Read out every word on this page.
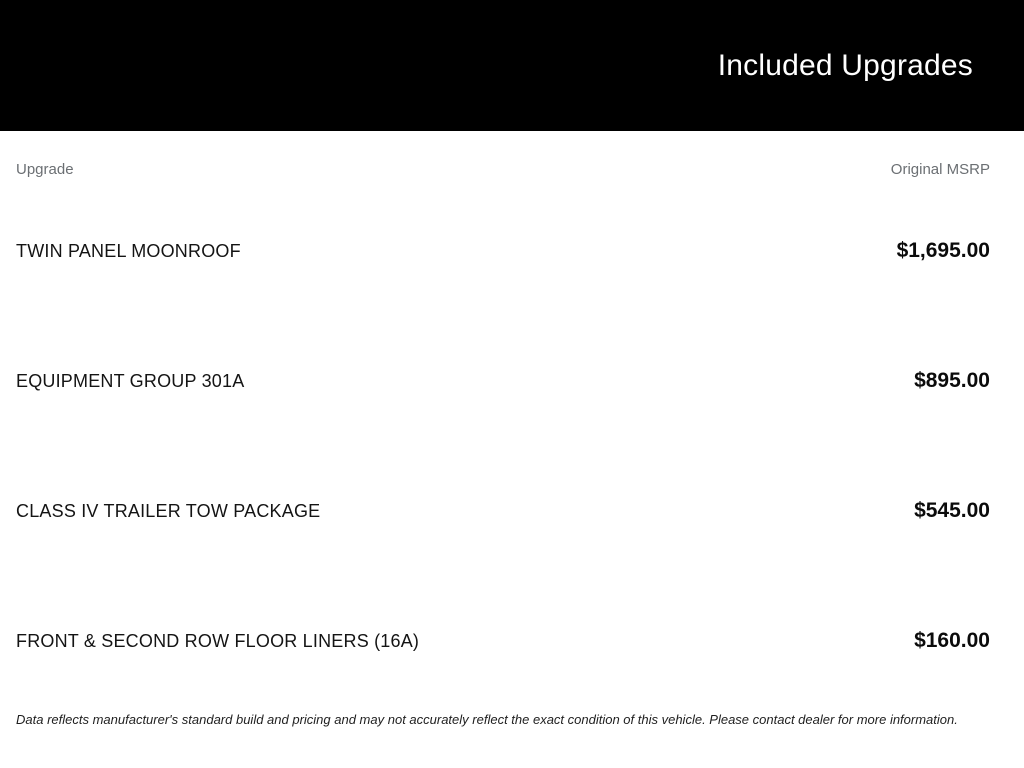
Included Upgrades
Upgrade	Original MSRP
TWIN PANEL MOONROOF	$1,695.00
EQUIPMENT GROUP 301A	$895.00
CLASS IV TRAILER TOW PACKAGE	$545.00
FRONT & SECOND ROW FLOOR LINERS (16A)	$160.00
Data reflects manufacturer's standard build and pricing and may not accurately reflect the exact condition of this vehicle. Please contact dealer for more information.
